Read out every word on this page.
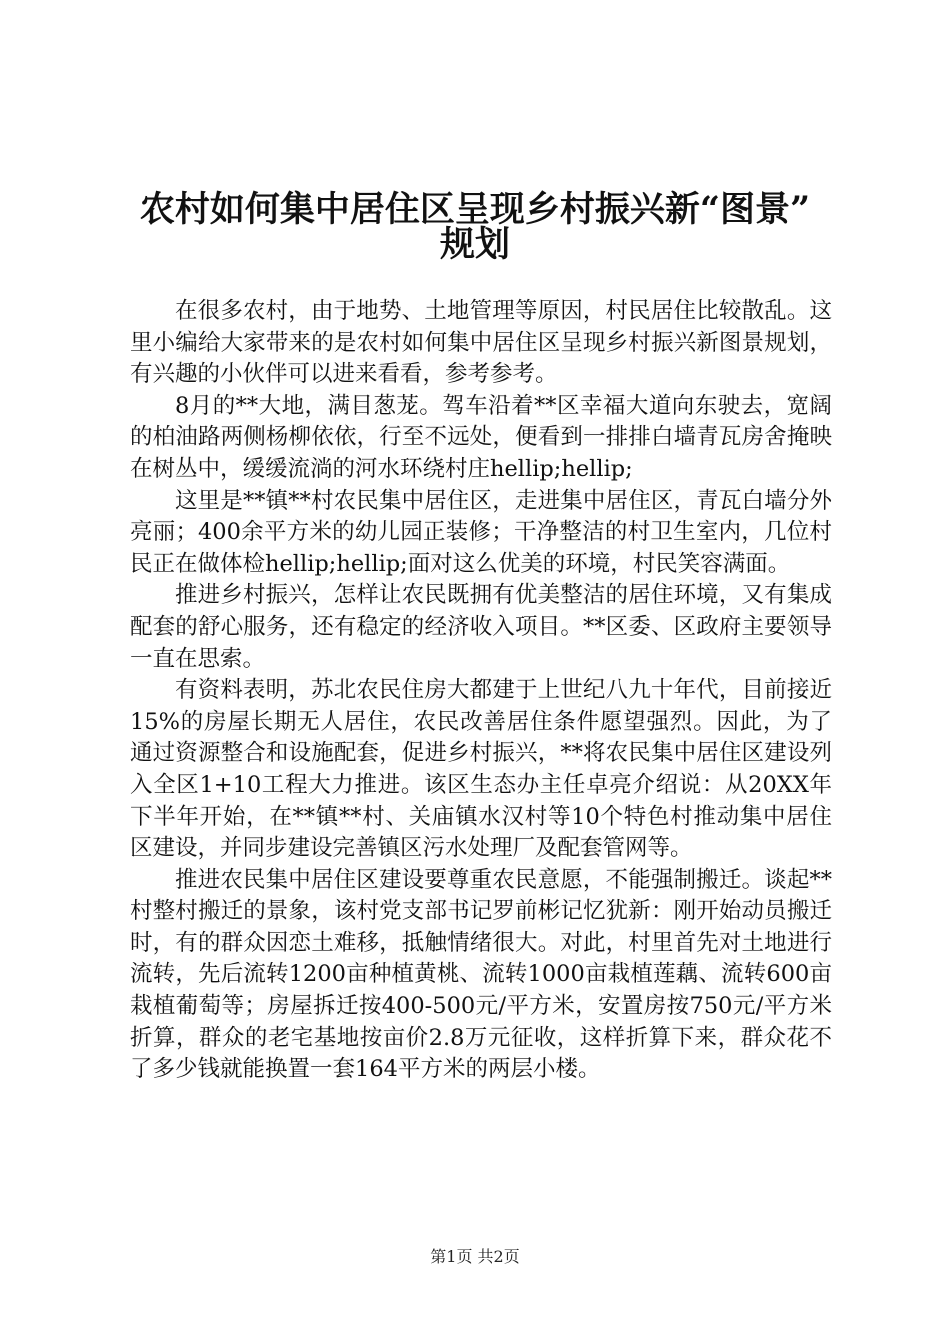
农村如何集中居住区呈现乡村振兴新“图景”
规划

在很多农村，由于地势、土地管理等原因，村民居住比较散乱。这里小编给大家带来的是农村如何集中居住区呈现乡村振兴新图景规划，有兴趣的小伙伴可以进来看看，参考参考。

8月的**大地，满目葱茏。驾车沿着**区幸福大道向东驶去，宽阔的柏油路两侧杨柳依依，行至不远处，便看到一排排白墙青瓦房舍掩映在树丛中，缓缓流淌的河水环绕村庄hellip;hellip;

这里是**镇**村农民集中居住区，走进集中居住区，青瓦白墙分外亮丽；400余平方米的幼儿园正装修；干净整洁的村卫生室内，几位村民正在做体检hellip;hellip;面对这么优美的环境，村民笑容满面。

推进乡村振兴，怎样让农民既拥有优美整洁的居住环境，又有集成配套的舒心服务，还有稳定的经济收入项目。**区委、区政府主要领导一直在思索。

有资料表明，苏北农民住房大都建于上世纪八九十年代，目前接近15%的房屋长期无人居住，农民改善居住条件愿望强烈。因此，为了通过资源整合和设施配套，促进乡村振兴，**将农民集中居住区建设列入全区1+10工程大力推进。该区生态办主任卓亮介绍说：从20XX年下半年开始，在**镇**村、关庙镇水汉村等10个特色村推动集中居住区建设，并同步建设完善镇区污水处理厂及配套管网等。

推进农民集中居住区建设要尊重农民意愿，不能强制搬迁。谈起**村整村搬迁的景象，该村党支部书记罗前彬记忆犹新：刚开始动员搬迁时，有的群众因恋土难移，抵触情绪很大。对此，村里首先对土地进行流转，先后流转1200亩种植黄桃、流转1000亩栽植莲藕、流转600亩栽植葡萄等；房屋拆迁按400-500元/平方米，安置房按750元/平方米折算，群众的老宅基地按亩价2.8万元征收，这样折算下来，群众花不了多少钱就能换置一套164平方米的两层小楼。

第1页 共2页
